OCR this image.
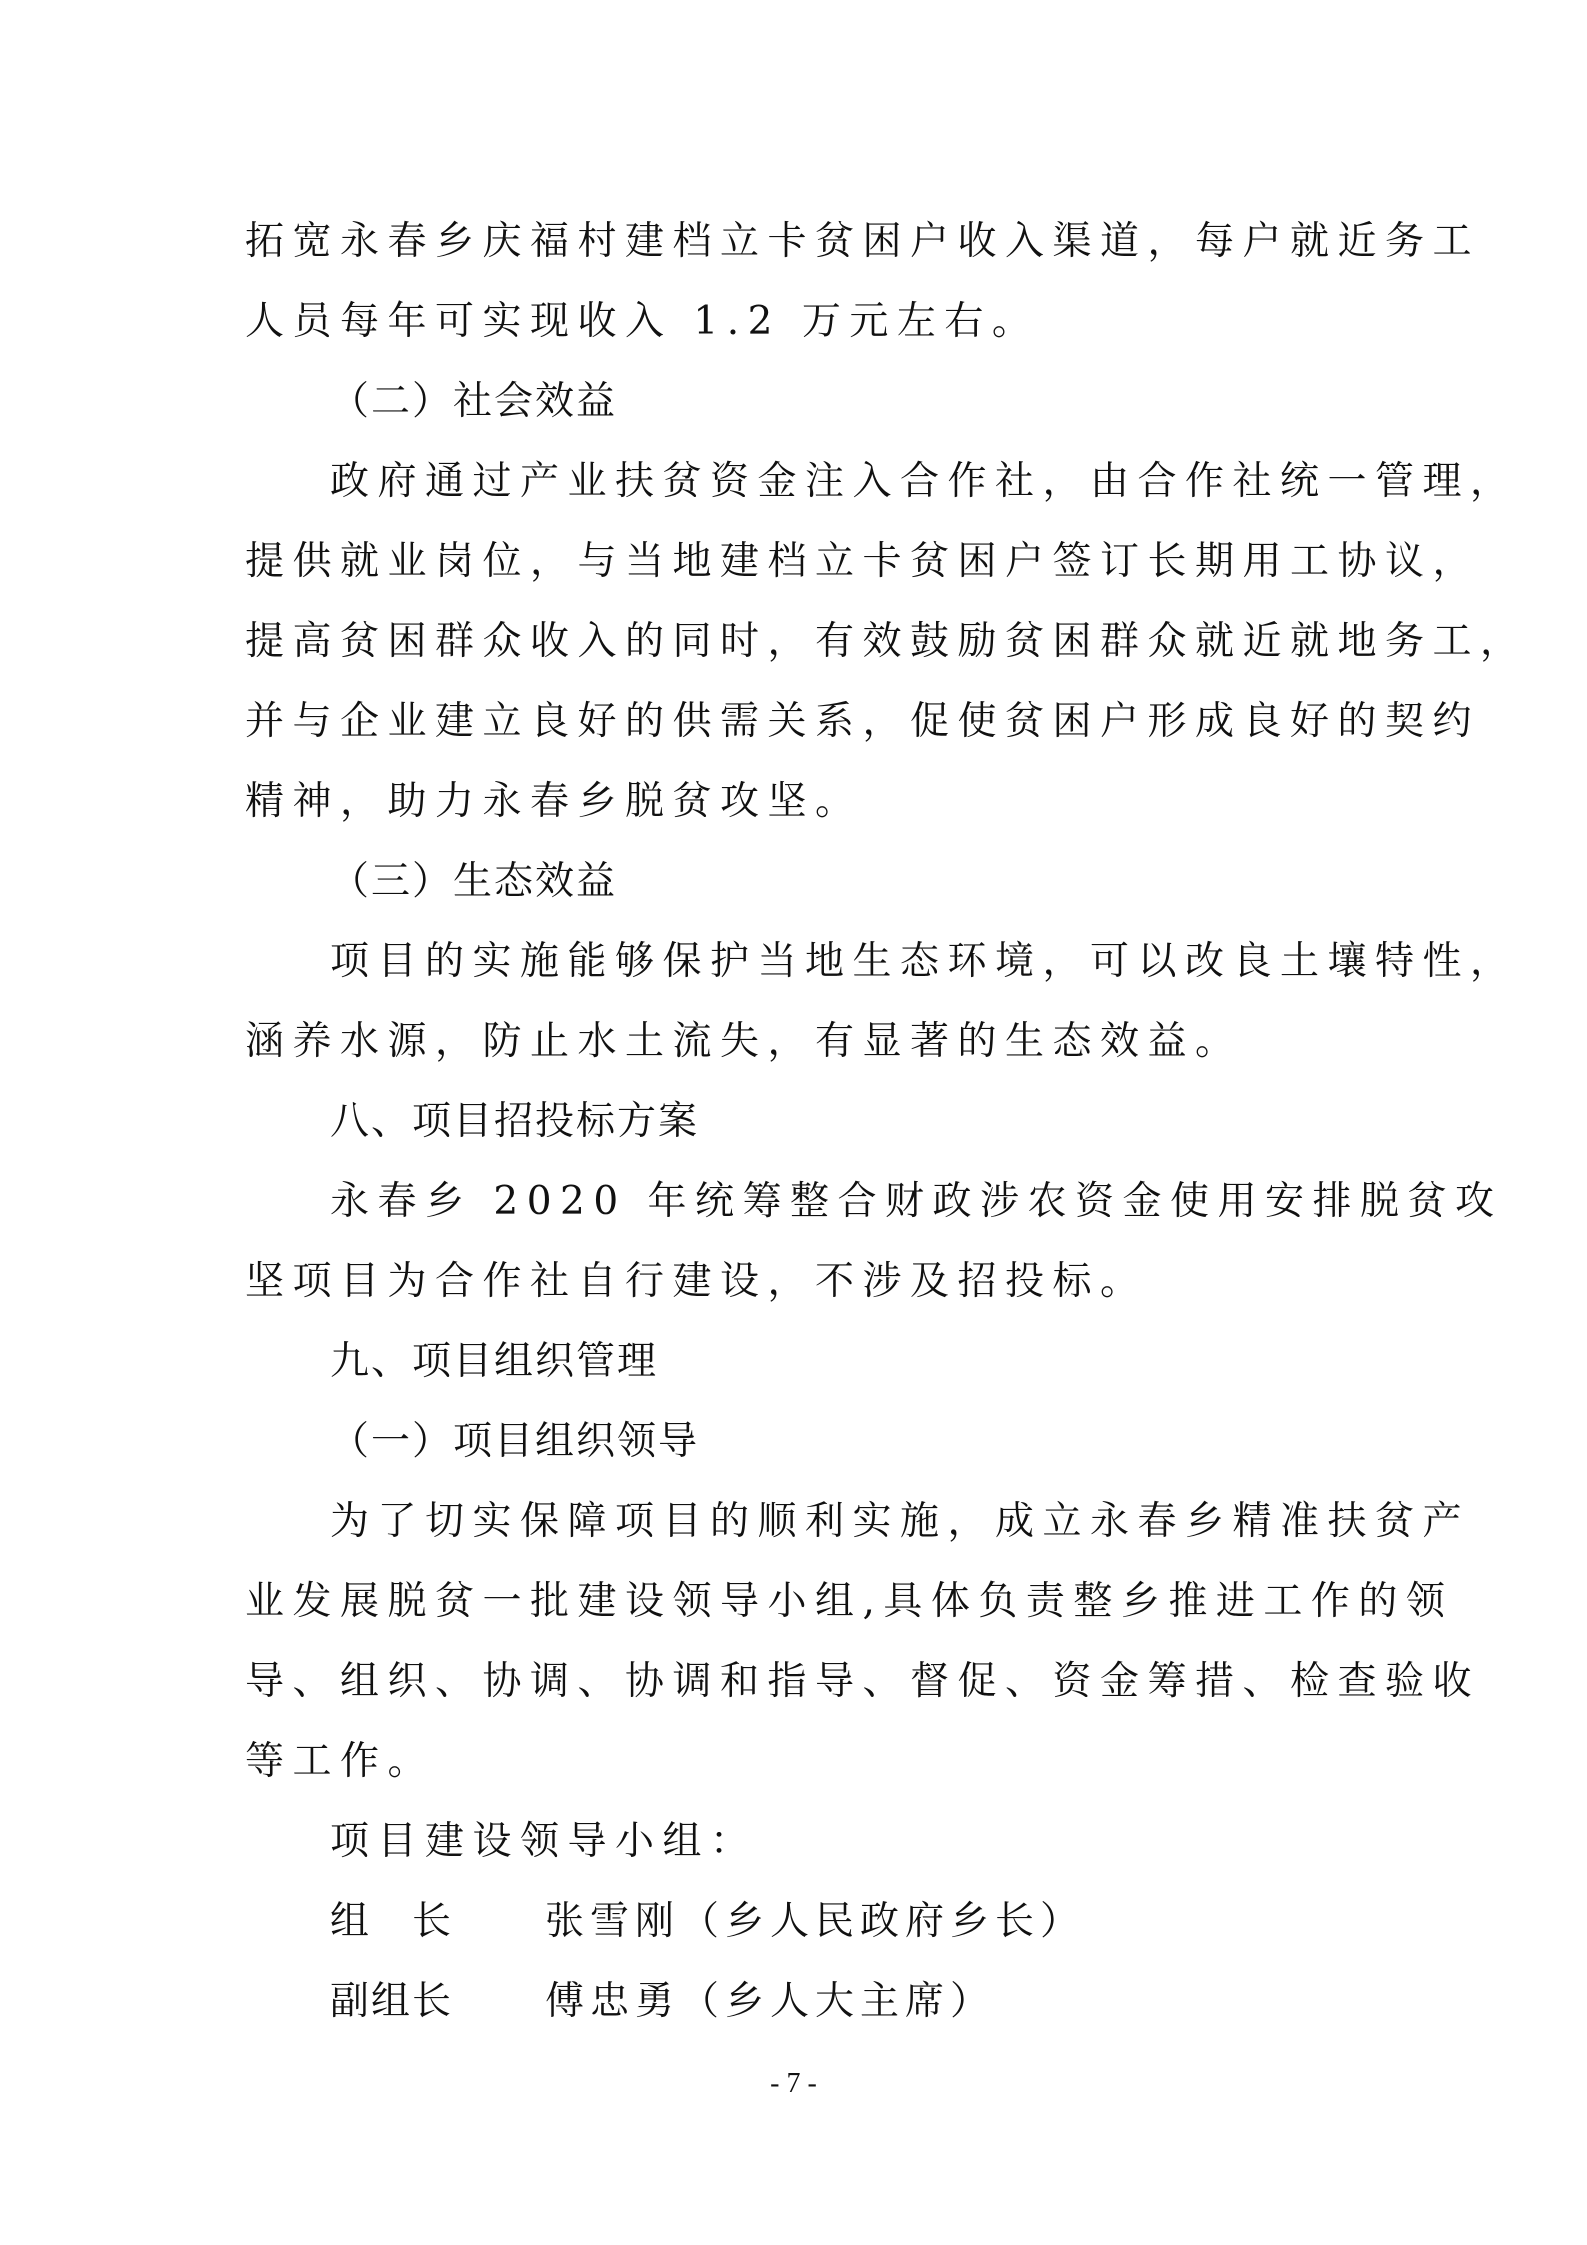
拓宽永春乡庆福村建档立卡贫困户收入渠道，每户就近务工
人员每年可实现收入 1.2 万元左右。
（二）社会效益
政府通过产业扶贫资金注入合作社，由合作社统一管理，
提供就业岗位，与当地建档立卡贫困户签订长期用工协议，
提高贫困群众收入的同时，有效鼓励贫困群众就近就地务工，
并与企业建立良好的供需关系，促使贫困户形成良好的契约
精神，助力永春乡脱贫攻坚。
（三）生态效益
项目的实施能够保护当地生态环境，可以改良土壤特性，
涵养水源，防止水土流失，有显著的生态效益。
八、项目招投标方案
永春乡 2020 年统筹整合财政涉农资金使用安排脱贫攻
坚项目为合作社自行建设，不涉及招投标。
九、项目组织管理
（一）项目组织领导
为了切实保障项目的顺利实施，成立永春乡精准扶贫产
业发展脱贫一批建设领导小组,具体负责整乡推进工作的领
导、组织、协调、协调和指导、督促、资金筹措、检查验收
等工作。
项目建设领导小组：
组　长 张雪刚（乡人民政府乡长）
副组长 傅忠勇（乡人大主席）
- 7 -
